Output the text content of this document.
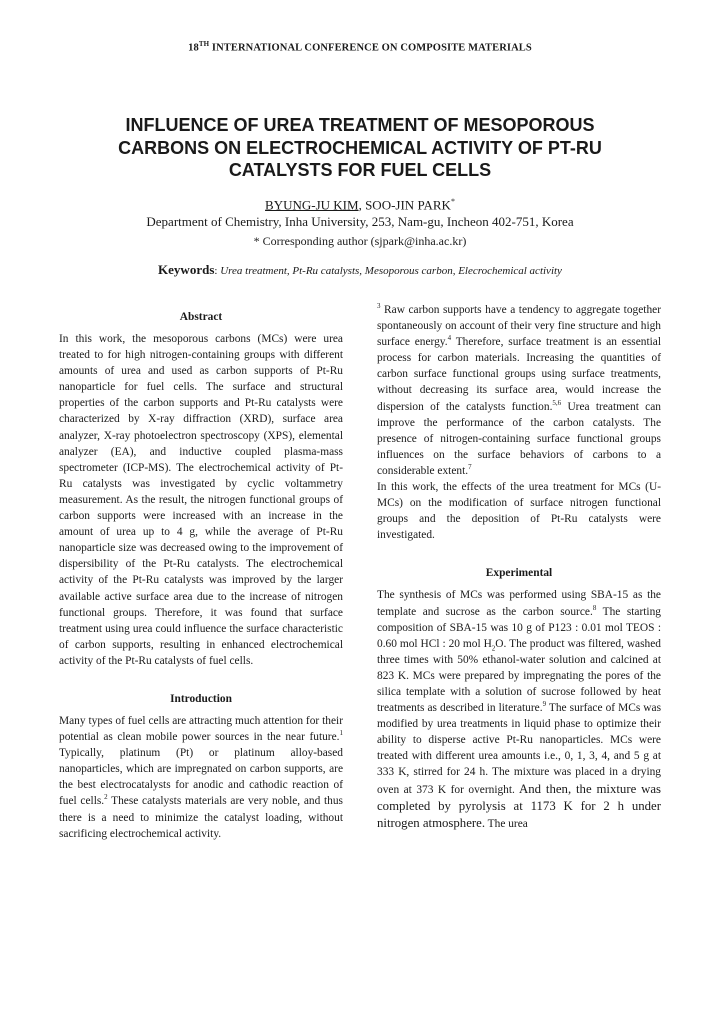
18TH INTERNATIONAL CONFERENCE ON COMPOSITE MATERIALS
INFLUENCE OF UREA TREATMENT OF MESOPOROUS CARBONS ON ELECTROCHEMICAL ACTIVITY OF PT-RU CATALYSTS FOR FUEL CELLS
BYUNG-JU KIM, SOO-JIN PARK*
Department of Chemistry, Inha University, 253, Nam-gu, Incheon 402-751, Korea
* Corresponding author (sjpark@inha.ac.kr)
Keywords: Urea treatment, Pt-Ru catalysts, Mesoporous carbon, Elecrochemical activity
Abstract

In this work, the mesoporous carbons (MCs) were urea treated to for high nitrogen-containing groups with different amounts of urea and used as carbon supports of Pt-Ru nanoparticle for fuel cells. The surface and structural properties of the carbon supports and Pt-Ru catalysts were characterized by X-ray diffraction (XRD), surface area analyzer, X-ray photoelectron spectroscopy (XPS), elemental analyzer (EA), and inductive coupled plasma-mass spectrometer (ICP-MS). The electrochemical activity of Pt-Ru catalysts was investigated by cyclic voltammetry measurement. As the result, the nitrogen functional groups of carbon supports were increased with an increase in the amount of urea up to 4 g, while the average of Pt-Ru nanoparticle size was decreased owing to the improvement of dispersibility of the Pt-Ru catalysts. The electrochemical activity of the Pt-Ru catalysts was improved by the larger available active surface area due to the increase of nitrogen functional groups. Therefore, it was found that surface treatment using urea could influence the surface characteristic of carbon supports, resulting in enhanced electrochemical activity of the Pt-Ru catalysts of fuel cells.

Introduction

Many types of fuel cells are attracting much attention for their potential as clean mobile power sources in the near future.$^1$ Typically, platinum (Pt) or platinum alloy-based nanoparticles, which are impregnated on carbon supports, are the best electrocatalysts for anodic and cathodic reaction of fuel cells.$^2$ These catalysts materials are very noble, and thus there is a need to minimize the catalyst loading, without sacrificing electrochemical activity.

$^3$ Raw carbon supports have a tendency to aggregate together spontaneously on account of their very fine structure and high surface energy.$^4$ Therefore, surface treatment is an essential process for carbon materials. Increasing the quantities of carbon surface functional groups using surface treatments, without decreasing its surface area, would increase the dispersion of the catalysts function.$^{5,6}$ Urea treatment can improve the performance of the carbon catalysts. The presence of nitrogen-containing surface functional groups influences on the surface behaviors of carbons to a considerable extent.$^7$

In this work, the effects of the urea treatment for MCs (U-MCs) on the modification of surface nitrogen functional groups and the deposition of Pt-Ru catalysts were investigated.

Experimental

The synthesis of MCs was performed using SBA-15 as the template and sucrose as the carbon source.$^8$ The starting composition of SBA-15 was 10 g of P123 : 0.01 mol TEOS : 0.60 mol HCl : 20 mol $H_2O$. The product was filtered, washed three times with 50% ethanol-water solution and calcined at 823 K. MCs were prepared by impregnating the pores of the silica template with a solution of sucrose followed by heat treatments as described in literature.$^9$ The surface of MCs was modified by urea treatments in liquid phase to optimize their ability to disperse active Pt-Ru nanoparticles. MCs were treated with different urea amounts i.e., 0, 1, 3, 4, and 5 g at 333 K, stirred for 24 h. The mixture was placed in a drying oven at 373 K for overnight. And then, the mixture was completed by pyrolysis at 1173 K for 2 h under nitrogen atmosphere. The urea
